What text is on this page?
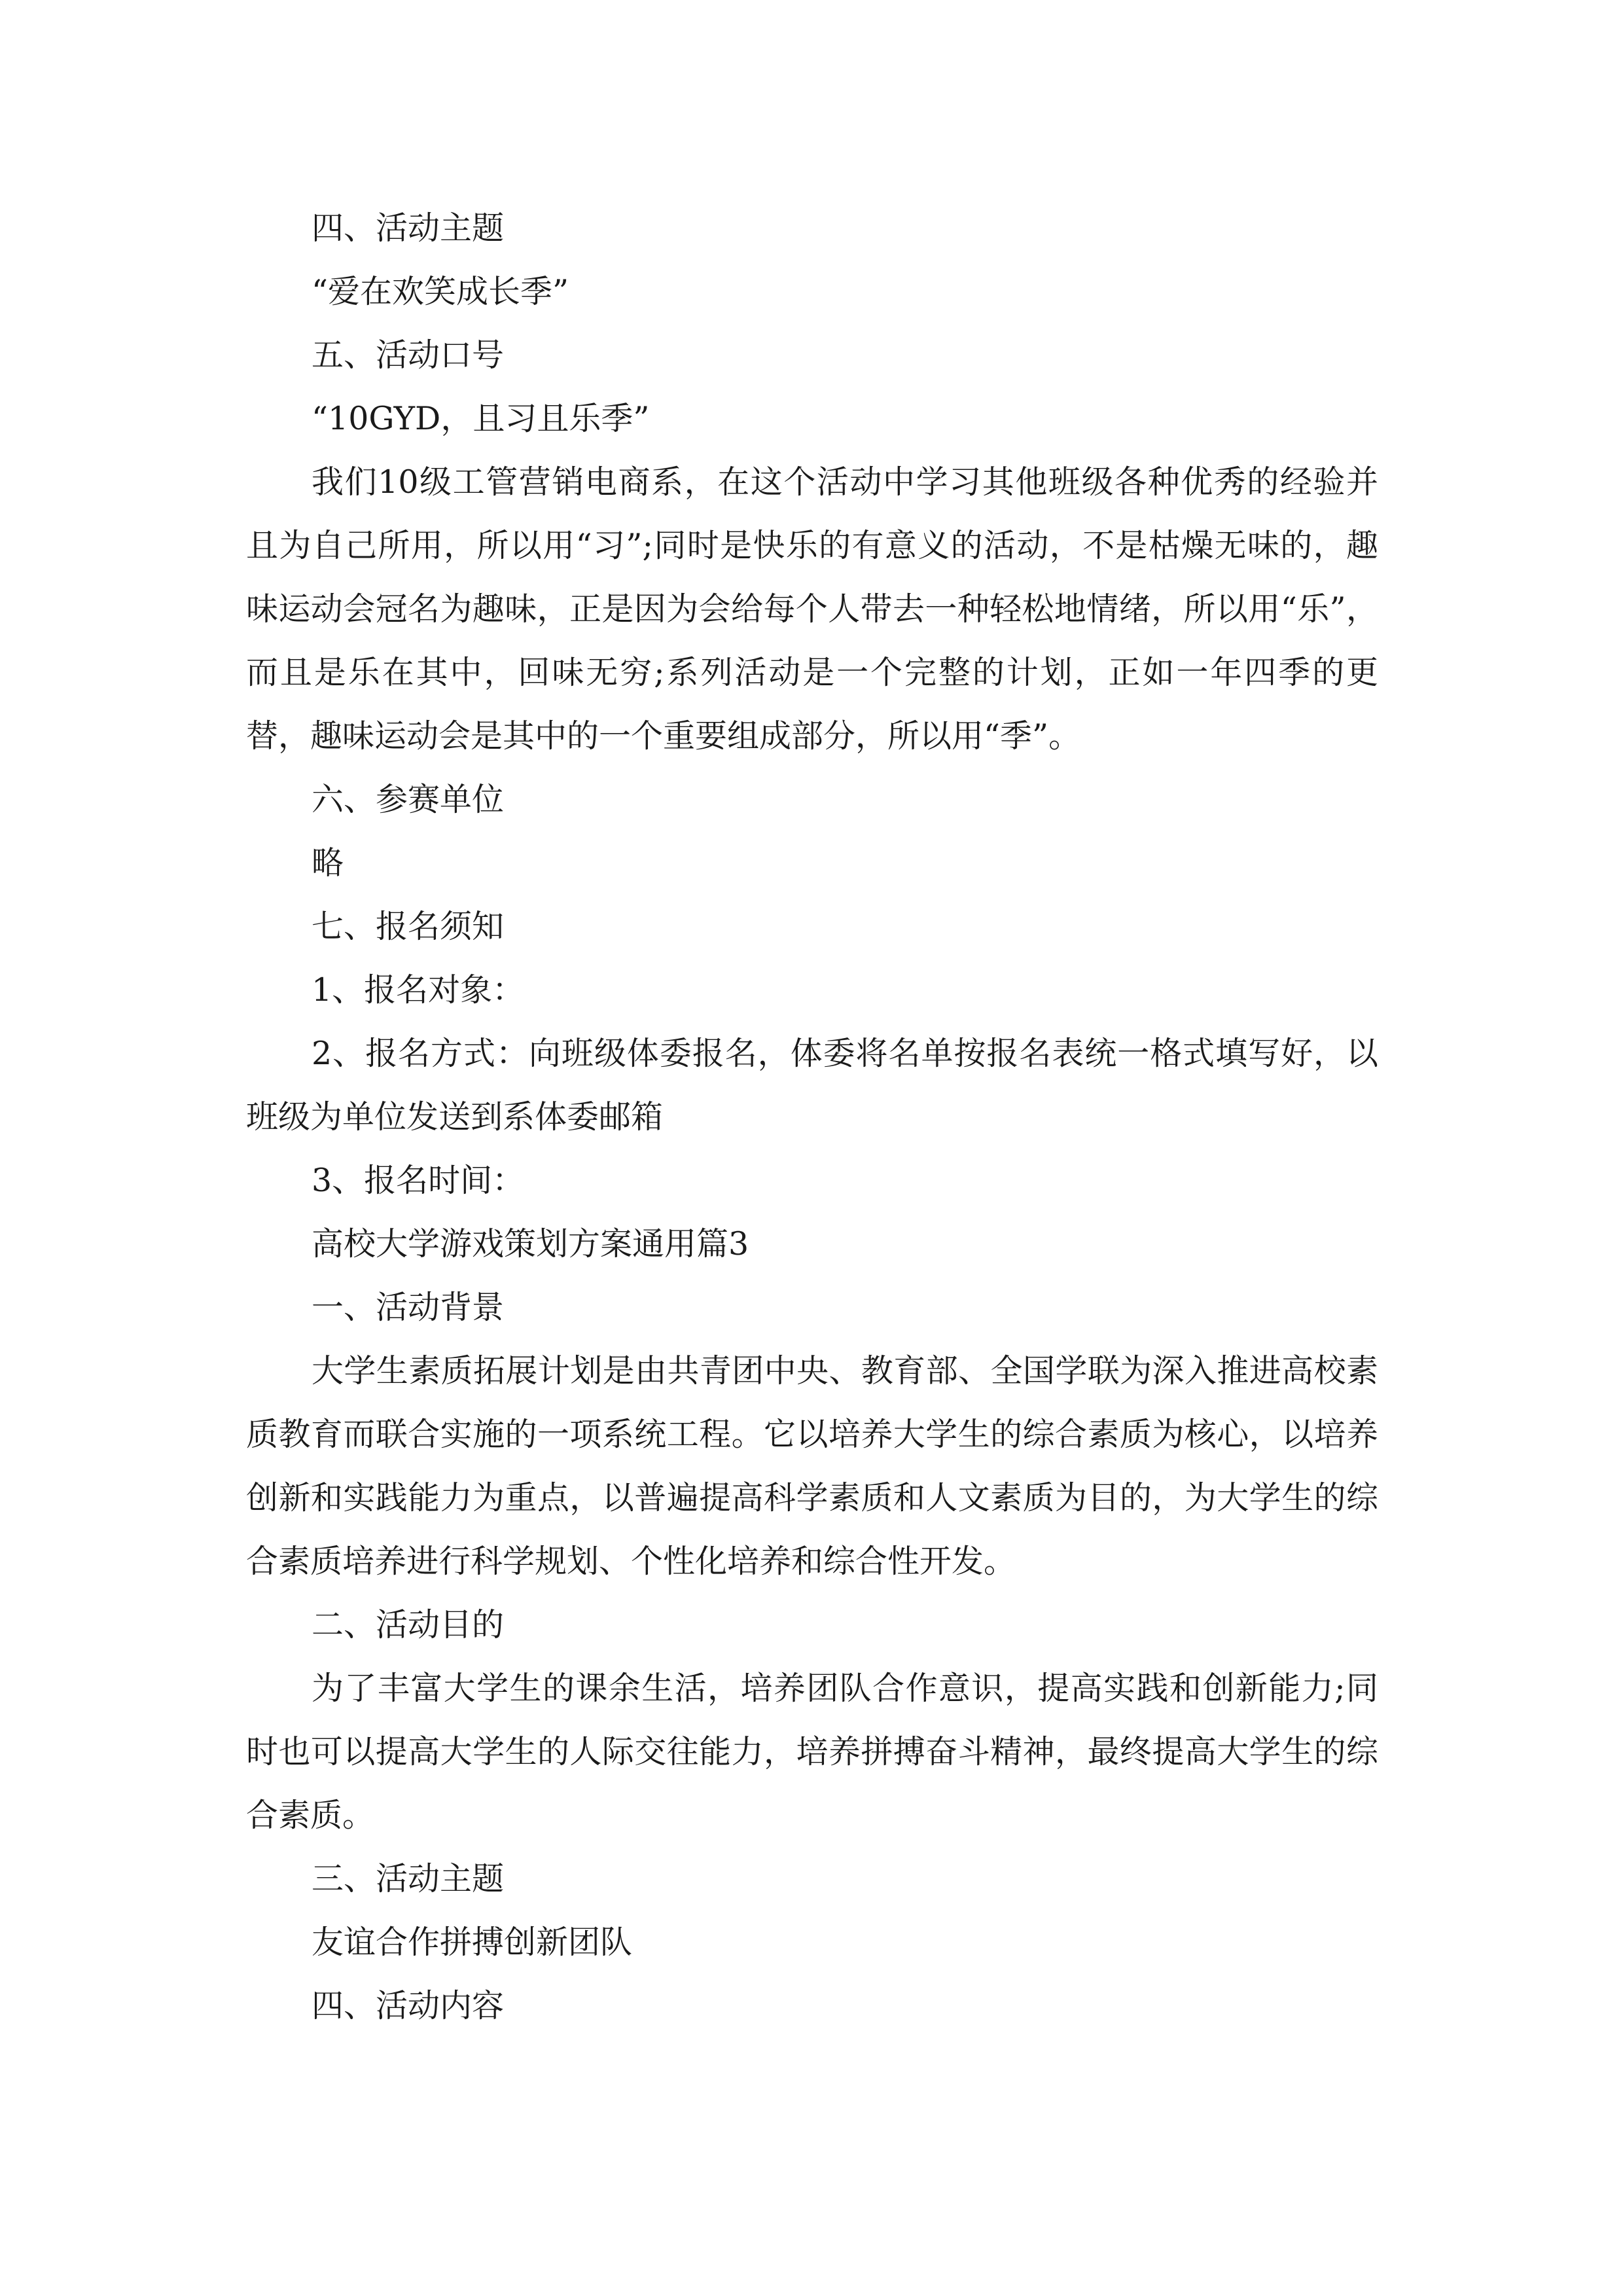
四、活动主题

“爱在欢笑成长季”

五、活动口号

“10GYD，且习且乐季”

我们10级工管营销电商系，在这个活动中学习其他班级各种优秀的经验并且为自己所用，所以用“习”;同时是快乐的有意义的活动，不是枯燥无味的，趣味运动会冠名为趣味，正是因为会给每个人带去一种轻松地情绪，所以用“乐”，而且是乐在其中，回味无穷;系列活动是一个完整的计划，正如一年四季的更替，趣味运动会是其中的一个重要组成部分，所以用“季”。

六、参赛单位

略

七、报名须知

1、报名对象：

2、报名方式：向班级体委报名，体委将名单按报名表统一格式填写好，以班级为单位发送到系体委邮箱

3、报名时间：

高校大学游戏策划方案通用篇3

一、活动背景

大学生素质拓展计划是由共青团中央、教育部、全国学联为深入推进高校素质教育而联合实施的一项系统工程。它以培养大学生的综合素质为核心，以培养创新和实践能力为重点，以普遍提高科学素质和人文素质为目的，为大学生的综合素质培养进行科学规划、个性化培养和综合性开发。

二、活动目的

为了丰富大学生的课余生活，培养团队合作意识，提高实践和创新能力;同时也可以提高大学生的人际交往能力，培养拼搏奋斗精神，最终提高大学生的综合素质。

三、活动主题

友谊合作拼搏创新团队

四、活动内容
